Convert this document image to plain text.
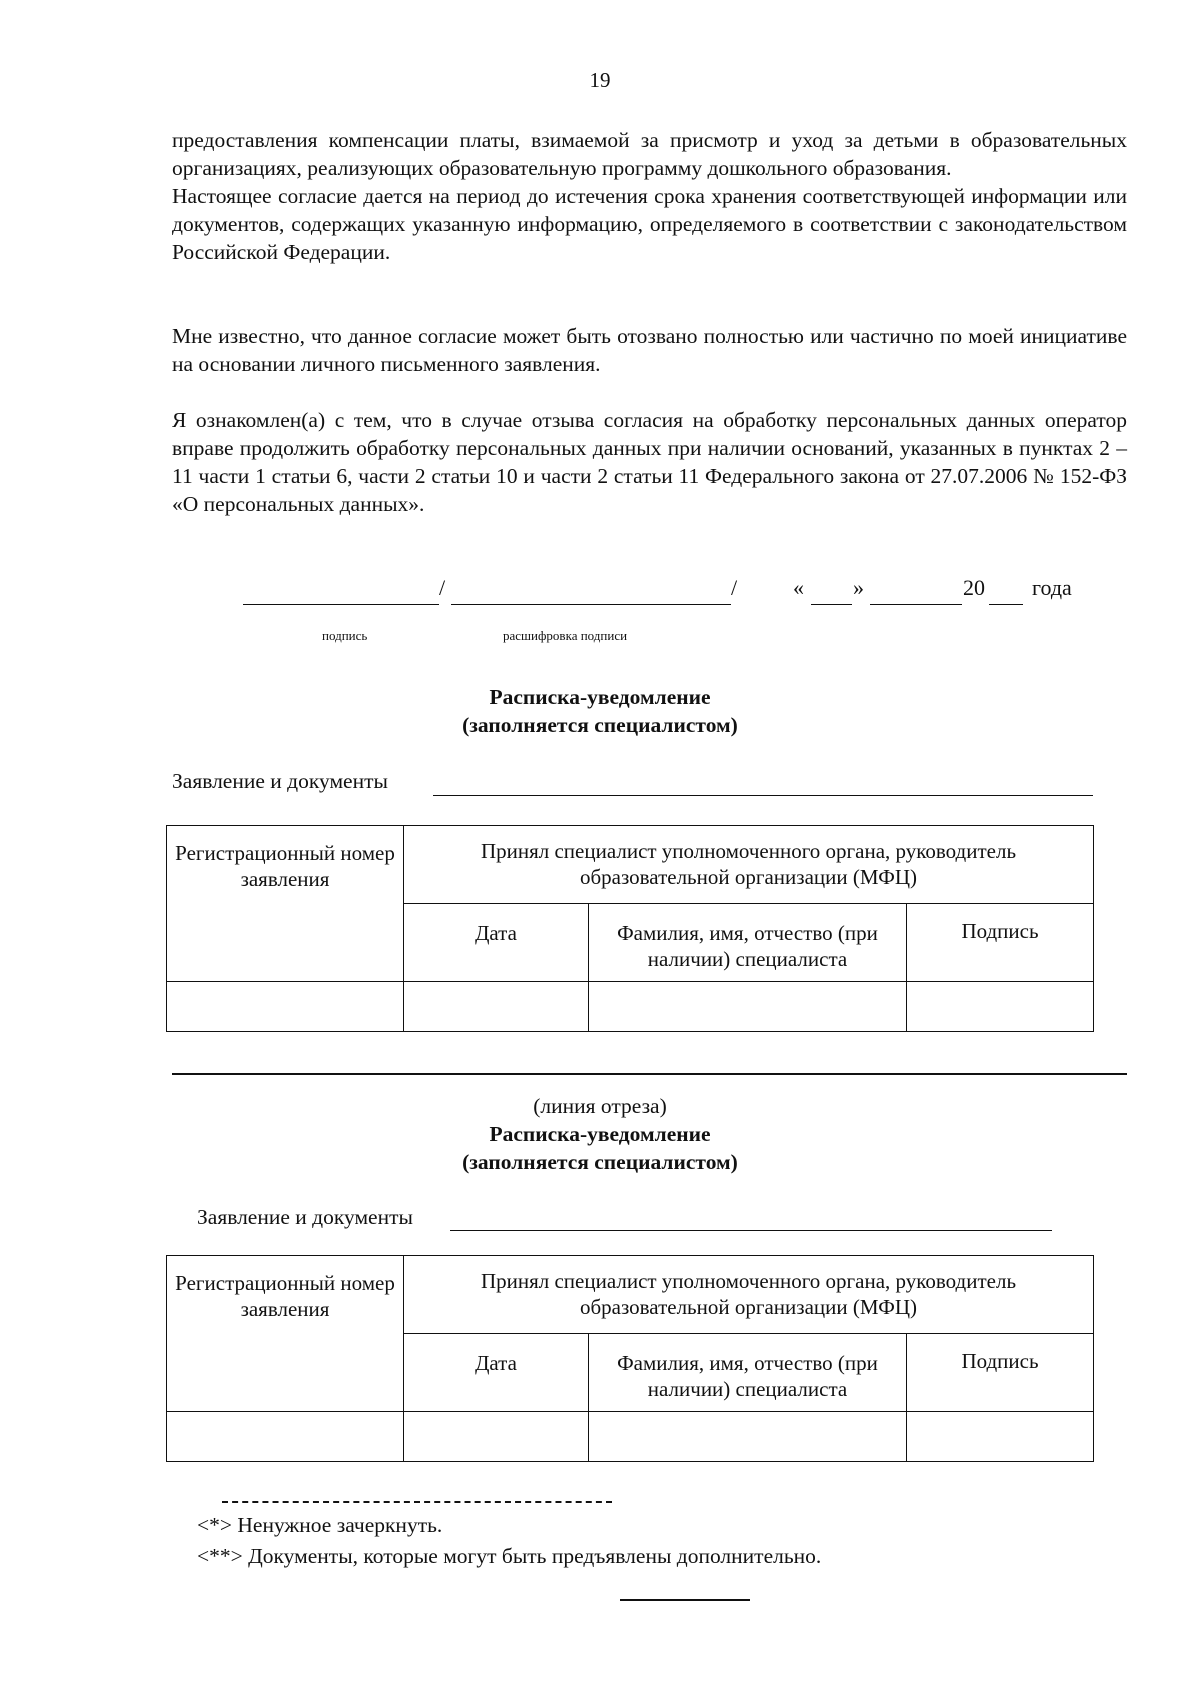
19

предоставления компенсации платы, взимаемой за присмотр и уход за детьми в образовательных организациях, реализующих образовательную программу дошкольного образования.

Настоящее согласие дается на период до истечения срока хранения соответствующей информации или документов, содержащих указанную информацию, определяемого в соответствии с законодательством Российской Федерации.

Мне известно, что данное согласие может быть отозвано полностью или частично по моей инициативе на основании личного письменного заявления.
Я ознакомлен(а) с тем, что в случае отзыва согласия на обработку персональных данных оператор вправе продолжить обработку персональных данных при наличии оснований, указанных в пунктах 2 – 11 части 1 статьи 6, части 2 статьи 10 и части 2 статьи 11 Федерального закона от 27.07.2006 № 152-ФЗ «О персональных данных».
/	/	« »	20 года
подпись	расшифровка подписи
Расписка-уведомление
(заполняется специалистом)
Заявление и документы
Регистрационный номер заявления	Принял специалист уполномоченного органа, руководитель образовательной организации (МФЦ)		
	Дата	Фамилия, имя, отчество (при наличии) специалиста	Подпись

(линия отреза)
Расписка-уведомление
(заполняется специалистом)
Заявление и документы
Регистрационный номер заявления	Принял специалист уполномоченного органа, руководитель образовательной организации (МФЦ)		
	Дата	Фамилия, имя, отчество (при наличии) специалиста	Подпись

<*> Ненужное зачеркнуть.
<**> Документы, которые могут быть предъявлены дополнительно.
